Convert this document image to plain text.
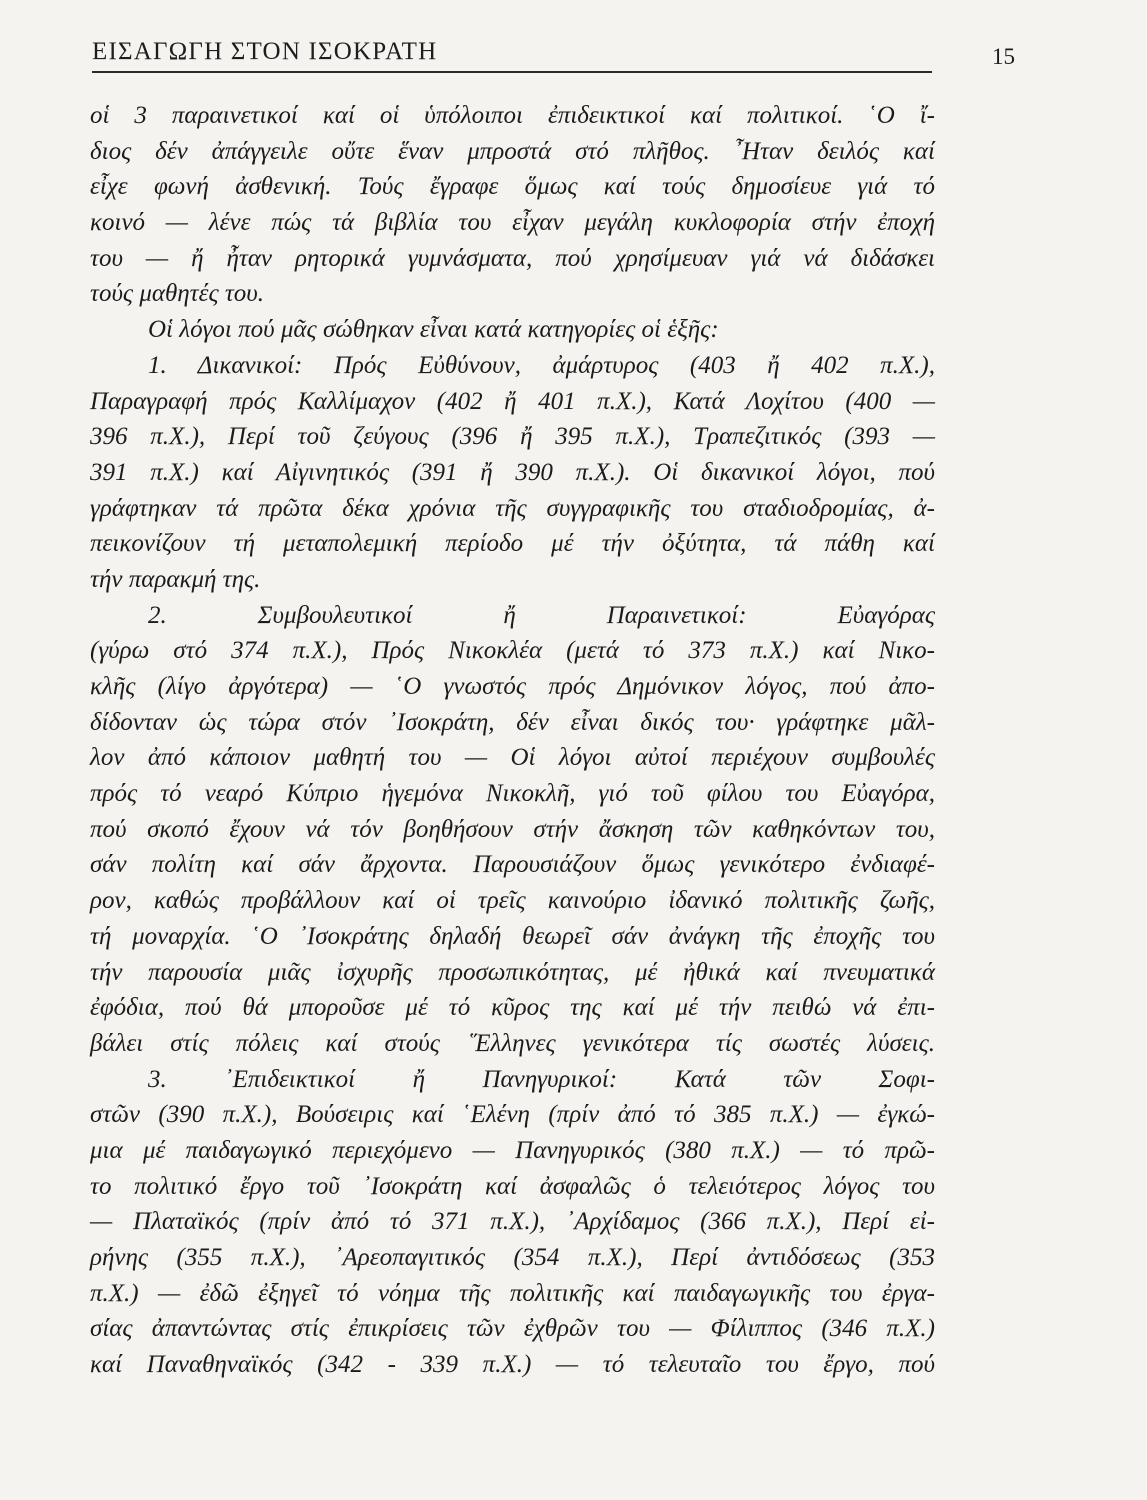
ΕΙΣΑΓΩΓΗ ΣΤΟΝ ΙΣΟΚΡΑΤΗ	15
οἱ 3 παραινετικοί καί οἱ ὑπόλοιποι ἐπιδεικτικοί καί πολιτικοί. ῾Ο ἴ-
διος δέν ἀπάγγειλε οὔτε ἕναν μπροστά στό πλῆθος. ῏Ηταν δειλός καί
εἶχε φωνή ἀσθενική. Τούς ἔγραφε ὅμως καί τούς δημοσίευε γιά τό
κοινό — λένε πώς τά βιβλία του εἶχαν μεγάλη κυκλοφορία στήν ἐποχή
του — ἤ ἦταν ρητορικά γυμνάσματα, πού χρησίμευαν γιά νά διδάσκει
τούς μαθητές του.
Οἱ λόγοι πού μᾶς σώθηκαν εἶναι κατά κατηγορίες οἱ ἑξῆς:
1. Δικανικοί: Πρός Εὐθύνουν, ἀμάρτυρος (403 ἤ 402 π.Χ.),
Παραγραφή πρός Καλλίμαχον (402 ἤ 401 π.Χ.), Κατά Λοχίτου (400 —
396 π.Χ.), Περί τοῦ ζεύγους (396 ἤ 395 π.Χ.), Τραπεζιτικός (393 —
391 π.Χ.) καί Αἰγινητικός (391 ἤ 390 π.Χ.). Οἱ δικανικοί λόγοι, πού
γράφτηκαν τά πρῶτα δέκα χρόνια τῆς συγγραφικῆς του σταδιοδρομίας, ἀ-
πεικονίζουν τή μεταπολεμική περίοδο μέ τήν ὀξύτητα, τά πάθη καί
τήν παρακμή της.
2. Συμβουλευτικοί ἤ Παραινετικοί: Εὐαγόρας
(γύρω στό 374 π.Χ.), Πρός Νικοκλέα (μετά τό 373 π.Χ.) καί Νικο-
κλῆς (λίγο ἀργότερα) — ῾Ο γνωστός πρός Δημόνικον λόγος, πού ἀπο-
δίδονταν ὡς τώρα στόν ᾿Ισοκράτη, δέν εἶναι δικός του· γράφτηκε μᾶλ-
λον ἀπό κάποιον μαθητή του — Οἱ λόγοι αὐτοί περιέχουν συμβουλές
πρός τό νεαρό Κύπριο ἡγεμόνα Νικοκλῆ, γιό τοῦ φίλου του Εὐαγόρα,
πού σκοπό ἔχουν νά τόν βοηθήσουν στήν ἄσκηση τῶν καθηκόντων του,
σάν πολίτη καί σάν ἄρχοντα. Παρουσιάζουν ὅμως γενικότερο ἐνδιαφέ-
ρον, καθώς προβάλλουν καί οἱ τρεῖς καινούριο ἰδανικό πολιτικῆς ζωῆς,
τή μοναρχία. ῾Ο ᾿Ισοκράτης δηλαδή θεωρεῖ σάν ἀνάγκη τῆς ἐποχῆς του
τήν παρουσία μιᾶς ἰσχυρῆς προσωπικότητας, μέ ἠθικά καί πνευματικά
ἐφόδια, πού θά μποροῦσε μέ τό κῦρος της καί μέ τήν πειθώ νά ἐπι-
βάλει στίς πόλεις καί στούς ῞Ελληνες γενικότερα τίς σωστές λύσεις.
3. ᾿Επιδεικτικοί ἤ Πανηγυρικοί: Κατά τῶν Σοφι-
στῶν (390 π.Χ.), Βούσειρις καί ῾Ελένη (πρίν ἀπό τό 385 π.Χ.) — ἐγκώ-
μια μέ παιδαγωγικό περιεχόμενο — Πανηγυρικός (380 π.Χ.) — τό πρῶ-
το πολιτικό ἔργο τοῦ ᾿Ισοκράτη καί ἀσφαλῶς ὁ τελειότερος λόγος του
— Πλαταϊκός (πρίν ἀπό τό 371 π.Χ.), ᾿Αρχίδαμος (366 π.Χ.), Περί εἰ-
ρήνης (355 π.Χ.), ᾿Αρεοπαγιτικός (354 π.Χ.), Περί ἀντιδόσεως (353
π.Χ.) — ἐδῶ ἐξηγεῖ τό νόημα τῆς πολιτικῆς καί παιδαγωγικῆς του ἐργα-
σίας ἀπαντώντας στίς ἐπικρίσεις τῶν ἐχθρῶν του — Φίλιππος (346 π.Χ.)
καί Παναθηναϊκός (342 - 339 π.Χ.) — τό τελευταῖο του ἔργο, πού
